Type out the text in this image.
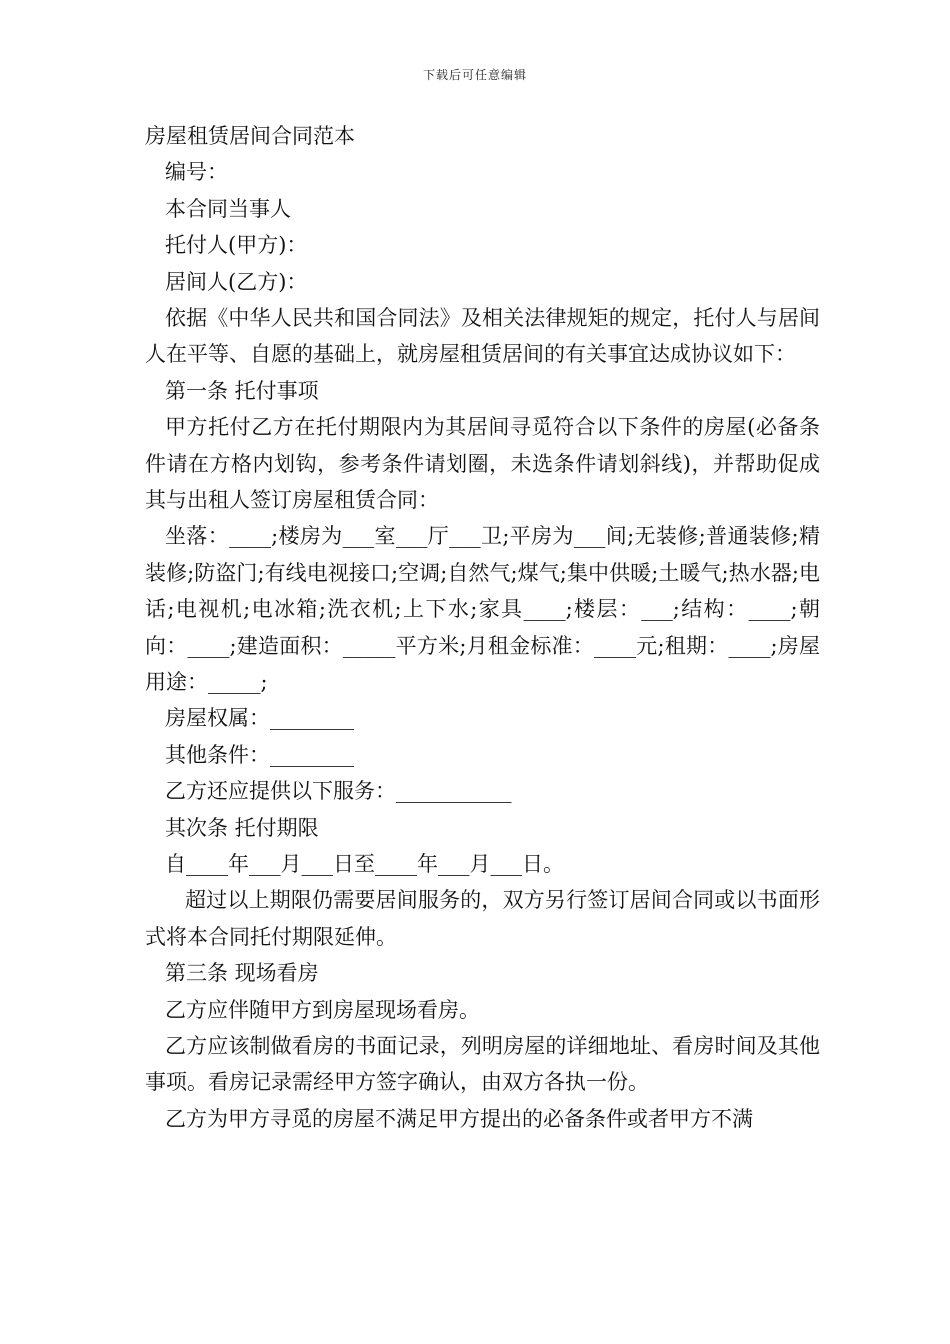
下载后可任意编辑
房屋租赁居间合同范本
编号：
本合同当事人
托付人(甲方)：
居间人(乙方)：
依据《中华人民共和国合同法》及相关法律规矩的规定，托付人与居间人在平等、自愿的基础上，就房屋租赁居间的有关事宜达成协议如下：
第一条 托付事项
甲方托付乙方在托付期限内为其居间寻觅符合以下条件的房屋(必备条件请在方格内划钩，参考条件请划圈，未选条件请划斜线)，并帮助促成其与出租人签订房屋租赁合同：
坐落：____;楼房为___室___厅___卫;平房为___间;无装修;普通装修;精装修;防盗门;有线电视接口;空调;自然气;煤气;集中供暖;土暖气;热水器;电话;电视机;电冰箱;洗衣机;上下水;家具____;楼层：___;结构：____;朝向：____;建造面积：_____平方米;月租金标准：____元;租期：____;房屋用途：_____;
房屋权属：________
其他条件：________
乙方还应提供以下服务：___________
其次条 托付期限
自____年___月___日至____年___月___日。
超过以上期限仍需要居间服务的，双方另行签订居间合同或以书面形式将本合同托付期限延伸。
第三条 现场看房
乙方应伴随甲方到房屋现场看房。
乙方应该制做看房的书面记录，列明房屋的详细地址、看房时间及其他事项。看房记录需经甲方签字确认，由双方各执一份。
乙方为甲方寻觅的房屋不满足甲方提出的必备条件或者甲方不满
